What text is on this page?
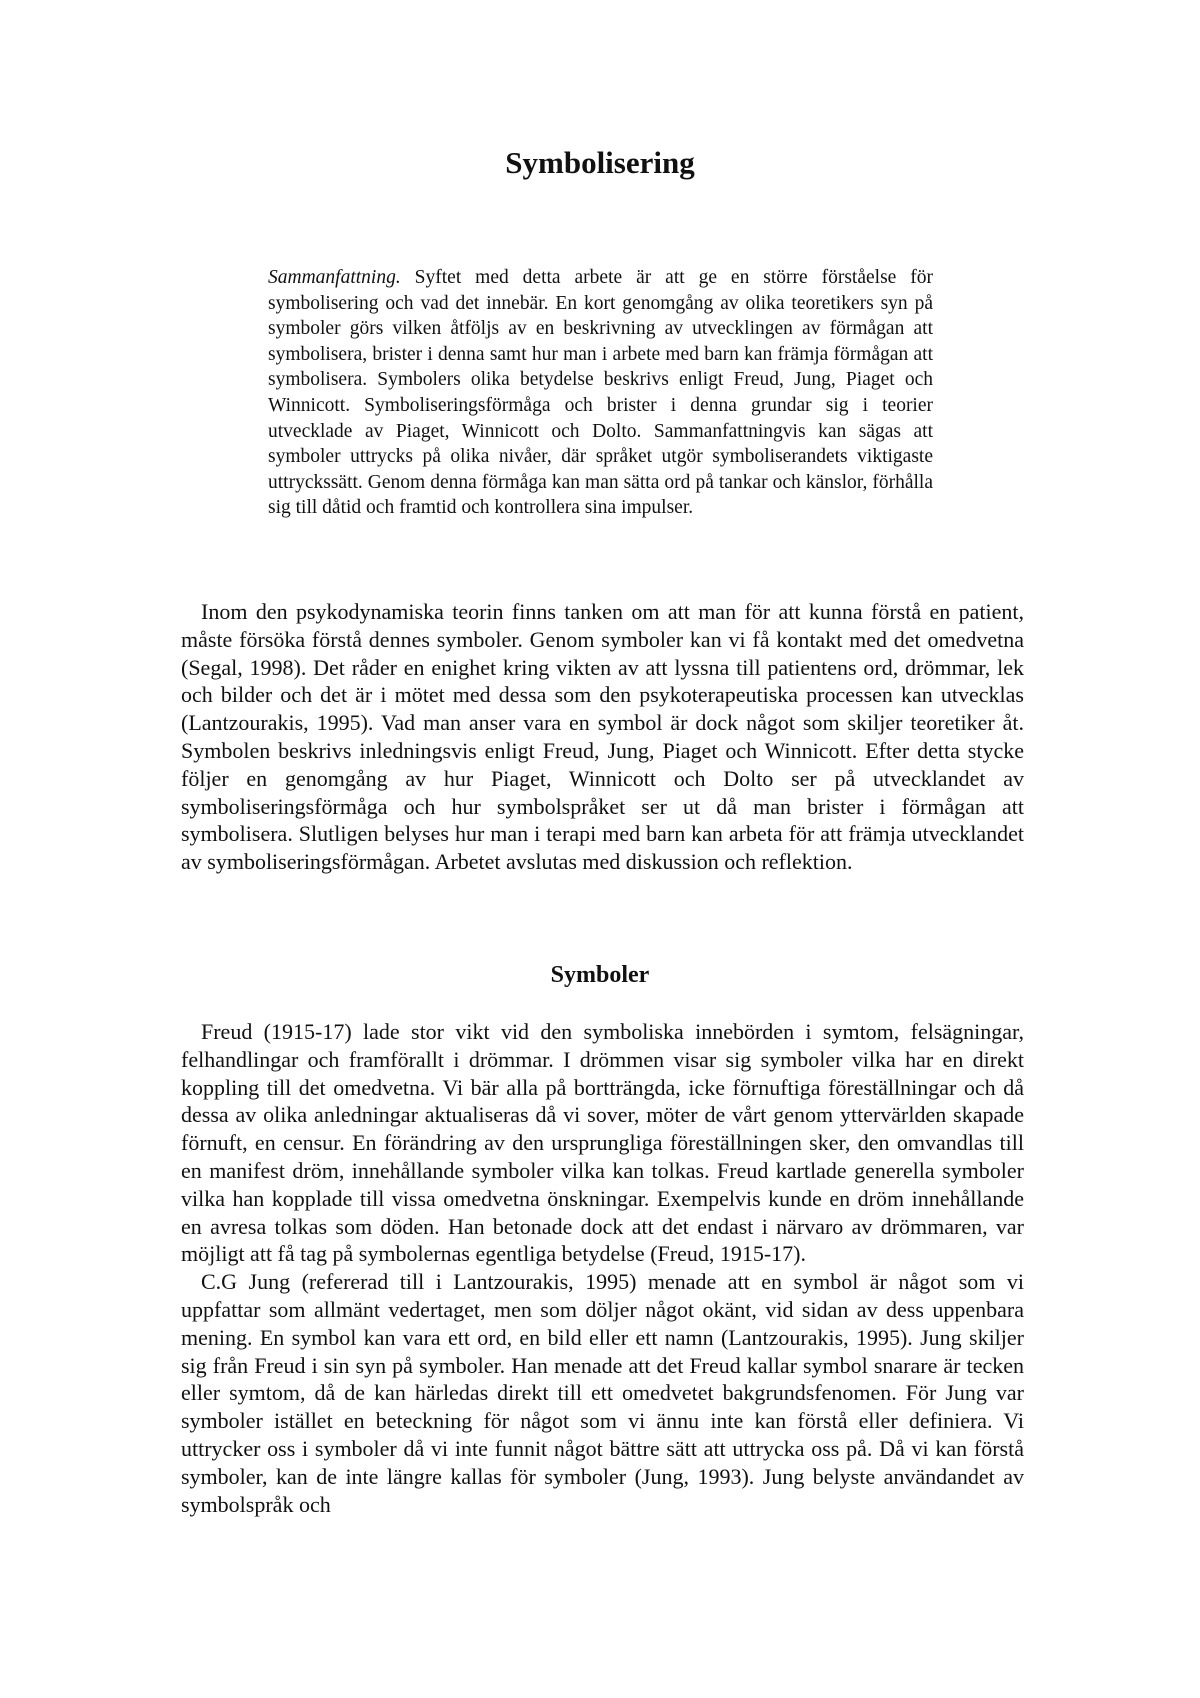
Symbolisering

Sammanfattning. Syftet med detta arbete är att ge en större förståelse för symbolisering och vad det innebär. En kort genomgång av olika teoretikers syn på symboler görs vilken åtföljs av en beskrivning av utvecklingen av förmågan att symbolisera, brister i denna samt hur man i arbete med barn kan främja förmågan att symbolisera. Symbolers olika betydelse beskrivs enligt Freud, Jung, Piaget och Winnicott. Symboliseringsförmåga och brister i denna grundar sig i teorier utvecklade av Piaget, Winnicott och Dolto. Sammanfattningvis kan sägas att symboler uttrycks på olika nivåer, där språket utgör symboliserandets viktigaste uttryckssätt. Genom denna förmåga kan man sätta ord på tankar och känslor, förhålla sig till dåtid och framtid och kontrollera sina impulser.

Inom den psykodynamiska teorin finns tanken om att man för att kunna förstå en patient, måste försöka förstå dennes symboler. Genom symboler kan vi få kontakt med det omedvetna (Segal, 1998). Det råder en enighet kring vikten av att lyssna till patientens ord, drömmar, lek och bilder och det är i mötet med dessa som den psykoterapeutiska processen kan utvecklas (Lantzourakis, 1995). Vad man anser vara en symbol är dock något som skiljer teoretiker åt. Symbolen beskrivs inledningsvis enligt Freud, Jung, Piaget och Winnicott. Efter detta stycke följer en genomgång av hur Piaget, Winnicott och Dolto ser på utvecklandet av symboliseringsförmåga och hur symbolspråket ser ut då man brister i förmågan att symbolisera. Slutligen belyses hur man i terapi med barn kan arbeta för att främja utvecklandet av symboliseringsförmågan. Arbetet avslutas med diskussion och reflektion.

Symboler

Freud (1915-17) lade stor vikt vid den symboliska innebörden i symtom, felsägningar, felhandlingar och framförallt i drömmar. I drömmen visar sig symboler vilka har en direkt koppling till det omedvetna. Vi bär alla på bortträngda, icke förnuftiga föreställningar och då dessa av olika anledningar aktualiseras då vi sover, möter de vårt genom yttervärlden skapade förnuft, en censur. En förändring av den ursprungliga föreställningen sker, den omvandlas till en manifest dröm, innehållande symboler vilka kan tolkas. Freud kartlade generella symboler vilka han kopplade till vissa omedvetna önskningar. Exempelvis kunde en dröm innehållande en avresa tolkas som döden. Han betonade dock att det endast i närvaro av drömmaren, var möjligt att få tag på symbolernas egentliga betydelse (Freud, 1915-17).

C.G Jung (refererad till i Lantzourakis, 1995) menade att en symbol är något som vi uppfattar som allmänt vedertaget, men som döljer något okänt, vid sidan av dess uppenbara mening. En symbol kan vara ett ord, en bild eller ett namn (Lantzourakis, 1995). Jung skiljer sig från Freud i sin syn på symboler. Han menade att det Freud kallar symbol snarare är tecken eller symtom, då de kan härledas direkt till ett omedvetet bakgrundsfenomen. För Jung var symboler istället en beteckning för något som vi ännu inte kan förstå eller definiera. Vi uttrycker oss i symboler då vi inte funnit något bättre sätt att uttrycka oss på. Då vi kan förstå symboler, kan de inte längre kallas för symboler (Jung, 1993). Jung belyste användandet av symbolspråk och
